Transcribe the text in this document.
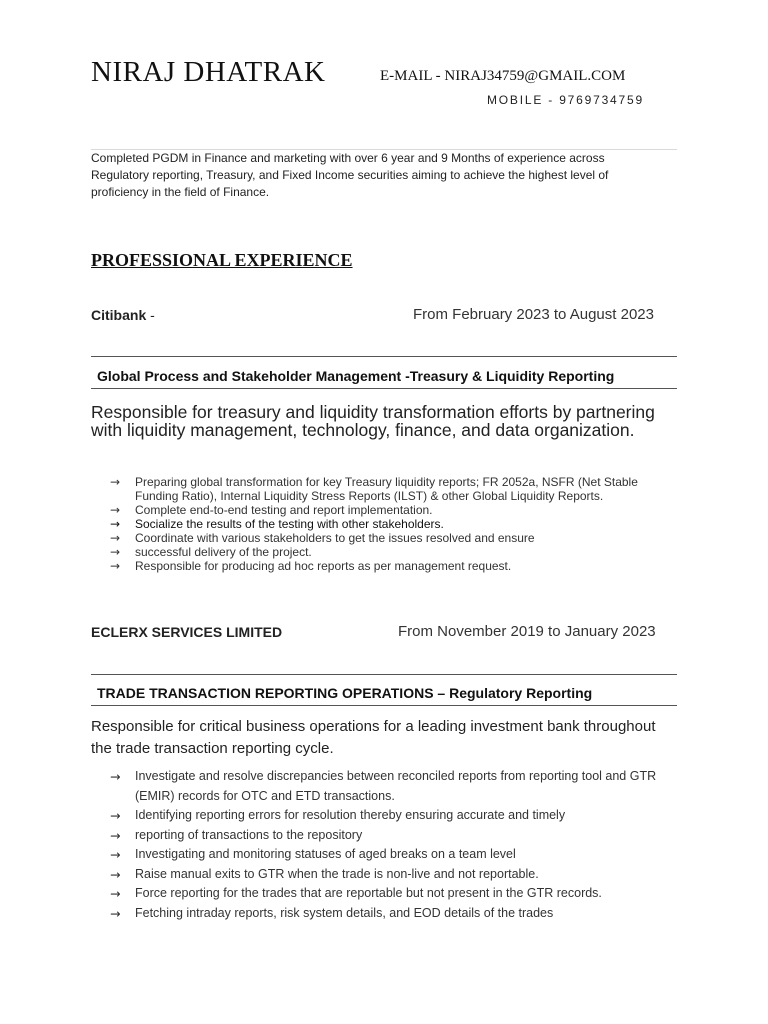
NIRAJ DHATRAK	E-MAIL - NIRAJ34759@GMAIL.COM
MOBILE - 9769734759
Completed PGDM in Finance and marketing with over 6 year and 9 Months of experience across Regulatory reporting, Treasury, and Fixed Income securities aiming to achieve the highest level of proficiency in the field of Finance.
PROFESSIONAL EXPERIENCE
Citibank -	From February 2023 to August 2023
Global Process and Stakeholder Management -Treasury & Liquidity Reporting
Responsible for treasury and liquidity transformation efforts by partnering with liquidity management, technology, finance, and data organization.
→ Preparing global transformation for key Treasury liquidity reports; FR 2052a, NSFR (Net Stable Funding Ratio), Internal Liquidity Stress Reports (ILST) & other Global Liquidity Reports.
→ Complete end-to-end testing and report implementation.
→ Socialize the results of the testing with other stakeholders.
→ Coordinate with various stakeholders to get the issues resolved and ensure
→ successful delivery of the project.
→ Responsible for producing ad hoc reports as per management request.
ECLERX SERVICES LIMITED	From November 2019 to January 2023
TRADE TRANSACTION REPORTING OPERATIONS – Regulatory Reporting
Responsible for critical business operations for a leading investment bank throughout the trade transaction reporting cycle.
→ Investigate and resolve discrepancies between reconciled reports from reporting tool and GTR (EMIR) records for OTC and ETD transactions.
→ Identifying reporting errors for resolution thereby ensuring accurate and timely
→ reporting of transactions to the repository
→ Investigating and monitoring statuses of aged breaks on a team level
→ Raise manual exits to GTR when the trade is non-live and not reportable.
→ Force reporting for the trades that are reportable but not present in the GTR records.
→ Fetching intraday reports, risk system details, and EOD details of the trades
